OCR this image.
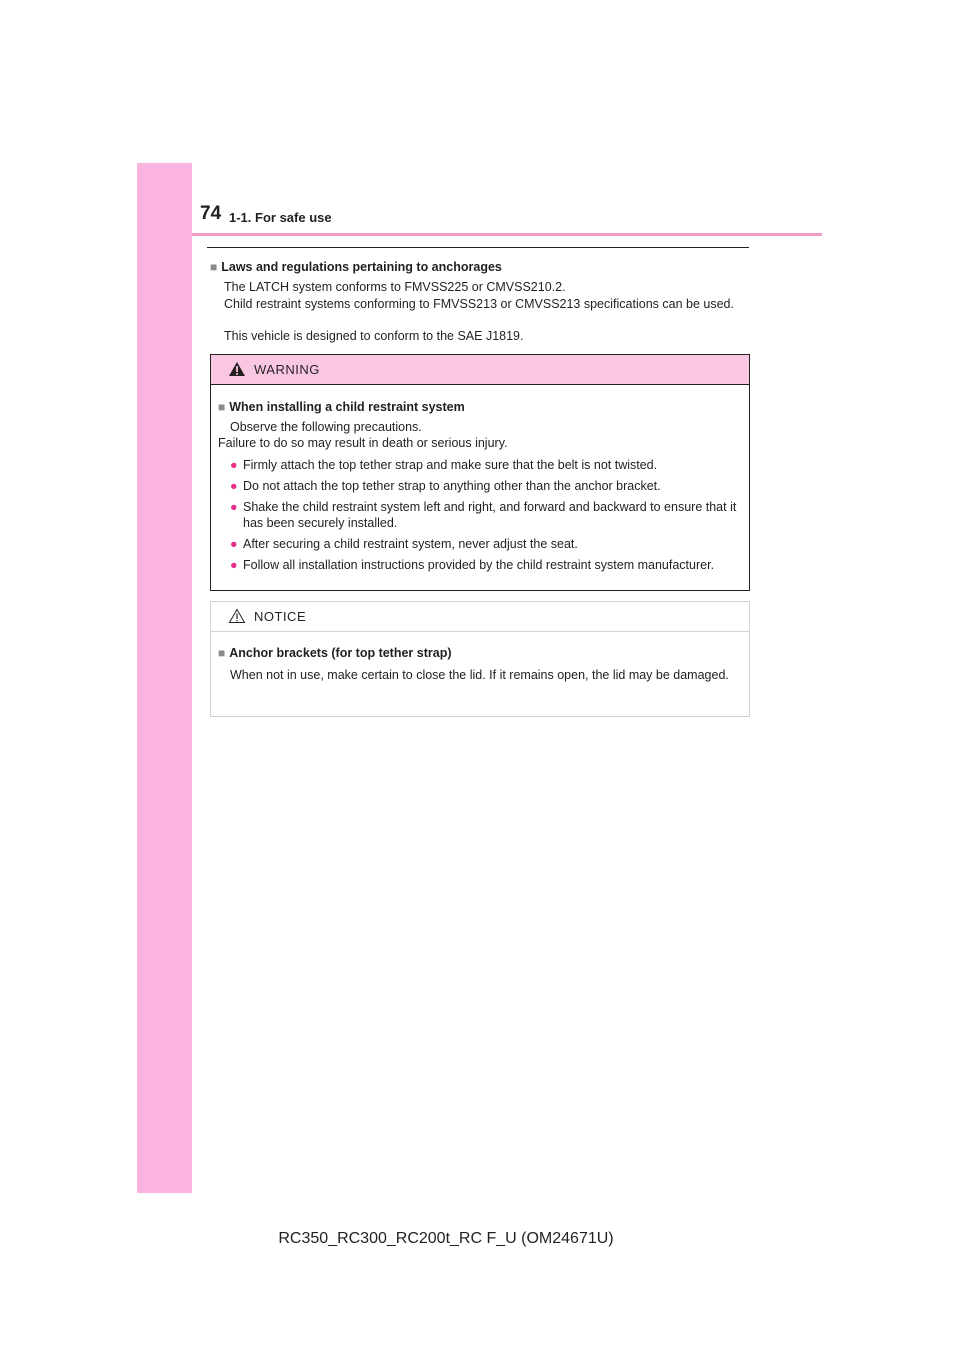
74 1-1. For safe use
■ Laws and regulations pertaining to anchorages

The LATCH system conforms to FMVSS225 or CMVSS210.2.

Child restraint systems conforming to FMVSS213 or CMVSS213 specifications can be used.

This vehicle is designed to conform to the SAE J1819.

WARNING
■ When installing a child restraint system

Observe the following precautions.

Failure to do so may result in death or serious injury.

● Firmly attach the top tether strap and make sure that the belt is not twisted.
● Do not attach the top tether strap to anything other than the anchor bracket.
● Shake the child restraint system left and right, and forward and backward to ensure that it has been securely installed.
● After securing a child restraint system, never adjust the seat.
● Follow all installation instructions provided by the child restraint system manufacturer.
NOTICE
■ Anchor brackets (for top tether strap)

When not in use, make certain to close the lid. If it remains open, the lid may be damaged.

RC350_RC300_RC200t_RC F_U (OM24671U)
